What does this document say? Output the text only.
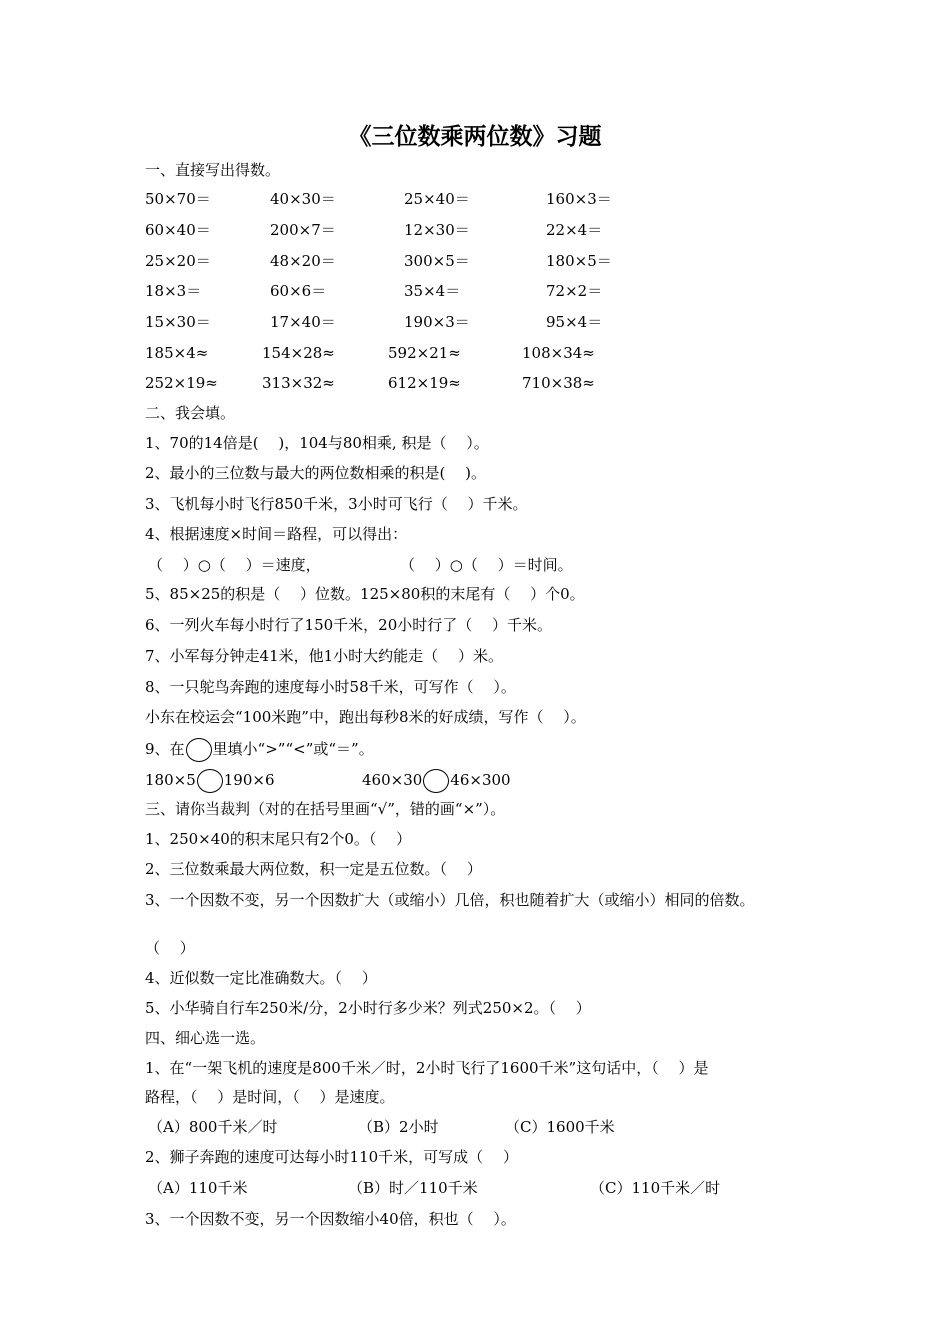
《三位数乘两位数》习题
一、直接写出得数。
50×70＝	40×30＝	25×40＝	160×3＝
60×40＝	200×7＝	12×30＝	22×4＝
25×20＝	48×20＝	300×5＝	180×5＝
18×3＝	60×6＝	35×4＝	72×2＝
15×30＝	17×40＝	190×3＝	95×4＝
185×4≈	154×28≈	592×21≈	108×34≈
252×19≈	313×32≈	612×19≈	710×38≈
二、我会填。
1、70的14倍是(　 )，104与80相乘, 积是（　 ）。
2、最小的三位数与最大的两位数相乘的积是(　 )。
3、飞机每小时飞行850千米，3小时可飞行（　 ）千米。
4、根据速度×时间＝路程，可以得出：
（　 ）○（　 ）＝速度，	（　 ）○（　 ）＝时间。
5、85×25的积是（　 ）位数。125×80积的末尾有（　 ）个0。
6、一列火车每小时行了150千米，20小时行了（　 ）千米。
7、小军每分钟走41米，他1小时大约能走（　 ）米。
8、一只鸵鸟奔跑的速度每小时58千米，可写作（　 ）。
小东在校运会“100米跑”中，跑出每秒8米的好成绩，写作（　 ）。
9、在 里填小“>”“<”或“＝”。
180×5 190×6	460×30 46×300
三、请你当裁判（对的在括号里画“√”，错的画“×”）。
1、250×40的积末尾只有2个0。（　 ）
2、三位数乘最大两位数，积一定是五位数。（　 ）
3、一个因数不变，另一个因数扩大（或缩小）几倍，积也随着扩大（或缩小）相同的倍数。
（　 ）
4、近似数一定比准确数大。（　 ）
5、小华骑自行车250米/分，2小时行多少米？列式250×2。（　 ）
四、细心选一选。
1、在“一架飞机的速度是800千米／时，2小时飞行了1600千米”这句话中，（　 ）是
路程，（　 ）是时间，（　 ）是速度。
（A）800千米／时	（B）2小时	（C）1600千米
2、狮子奔跑的速度可达每小时110千米，可写成（　 ）
（A）110千米	（B）时／110千米	（C）110千米／时
3、一个因数不变，另一个因数缩小40倍，积也（　 ）。
